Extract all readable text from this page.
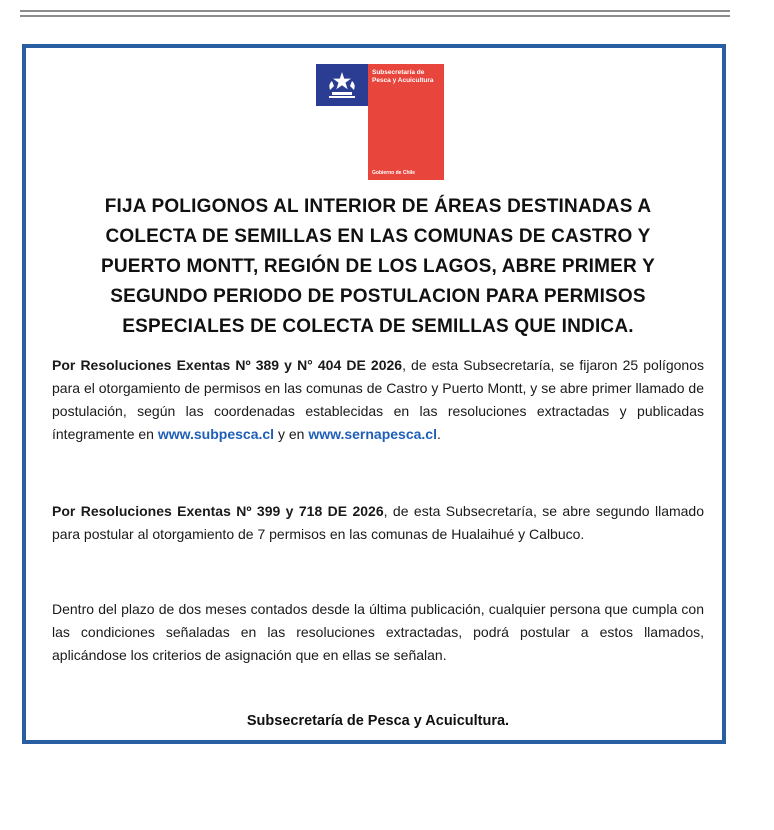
Subsecretaría de Pesca y Acuicultura
Gobierno de Chile
FIJA POLIGONOS AL INTERIOR DE ÁREAS DESTINADAS A COLECTA DE SEMILLAS EN LAS COMUNAS DE CASTRO Y PUERTO MONTT, REGIÓN DE LOS LAGOS, ABRE PRIMER Y SEGUNDO PERIODO DE POSTULACION PARA PERMISOS ESPECIALES DE COLECTA DE SEMILLAS QUE INDICA.

Por Resoluciones Exentas Nº 389 y N° 404 DE 2026, de esta Subsecretaría, se fijaron 25 polígonos para el otorgamiento de permisos en las comunas de Castro y Puerto Montt, y se abre primer llamado de postulación, según las coordenadas establecidas en las resoluciones extractadas y publicadas íntegramente en www.subpesca.cl y en www.sernapesca.cl.

Por Resoluciones Exentas Nº 399 y 718 DE 2026, de esta Subsecretaría, se abre segundo llamado para postular al otorgamiento de 7 permisos en las comunas de Hualaihué y Calbuco.

Dentro del plazo de dos meses contados desde la última publicación, cualquier persona que cumpla con las condiciones señaladas en las resoluciones extractadas, podrá postular a estos llamados, aplicándose los criterios de asignación que en ellas se señalan.

Subsecretaría de Pesca y Acuicultura.
